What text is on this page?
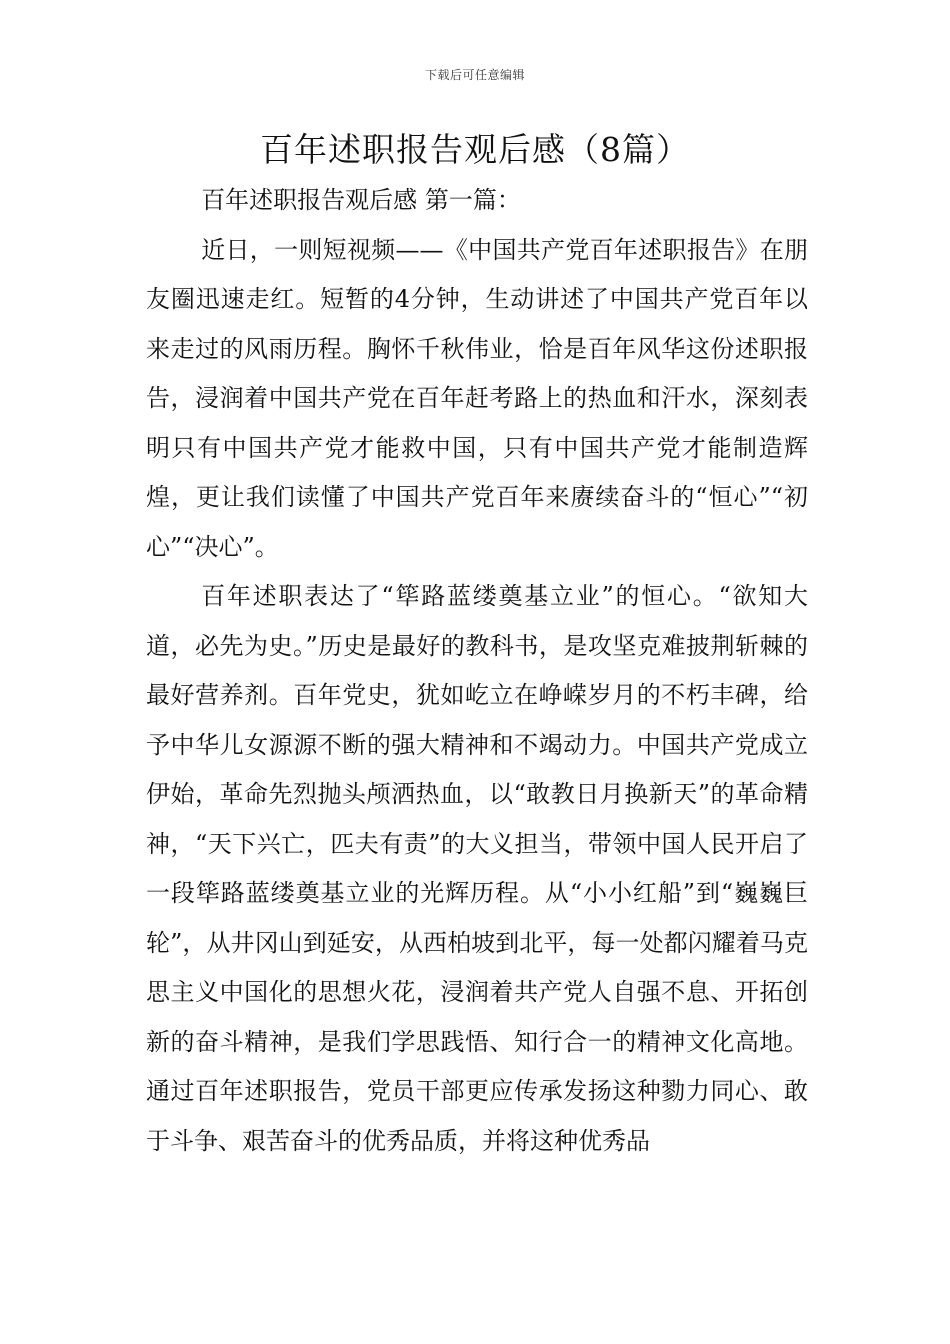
下载后可任意编辑
百年述职报告观后感（8篇）

百年述职报告观后感 第一篇：

近日，一则短视频——《中国共产党百年述职报告》在朋友圈迅速走红。短暂的4分钟，生动讲述了中国共产党百年以来走过的风雨历程。胸怀千秋伟业，恰是百年风华这份述职报告，浸润着中国共产党在百年赶考路上的热血和汗水，深刻表明只有中国共产党才能救中国，只有中国共产党才能制造辉煌，更让我们读懂了中国共产党百年来赓续奋斗的“恒心”“初心”“决心”。

百年述职表达了“筚路蓝缕奠基立业”的恒心。“欲知大道，必先为史。”历史是最好的教科书，是攻坚克难披荆斩棘的最好营养剂。百年党史，犹如屹立在峥嵘岁月的不朽丰碑，给予中华儿女源源不断的强大精神和不竭动力。中国共产党成立伊始，革命先烈抛头颅洒热血，以“敢教日月换新天”的革命精神，“天下兴亡，匹夫有责”的大义担当，带领中国人民开启了一段筚路蓝缕奠基立业的光辉历程。从“小小红船”到“巍巍巨轮”，从井冈山到延安，从西柏坡到北平，每一处都闪耀着马克思主义中国化的思想火花，浸润着共产党人自强不息、开拓创新的奋斗精神，是我们学思践悟、知行合一的精神文化高地。通过百年述职报告，党员干部更应传承发扬这种勠力同心、敢于斗争、艰苦奋斗的优秀品质，并将这种优秀品
